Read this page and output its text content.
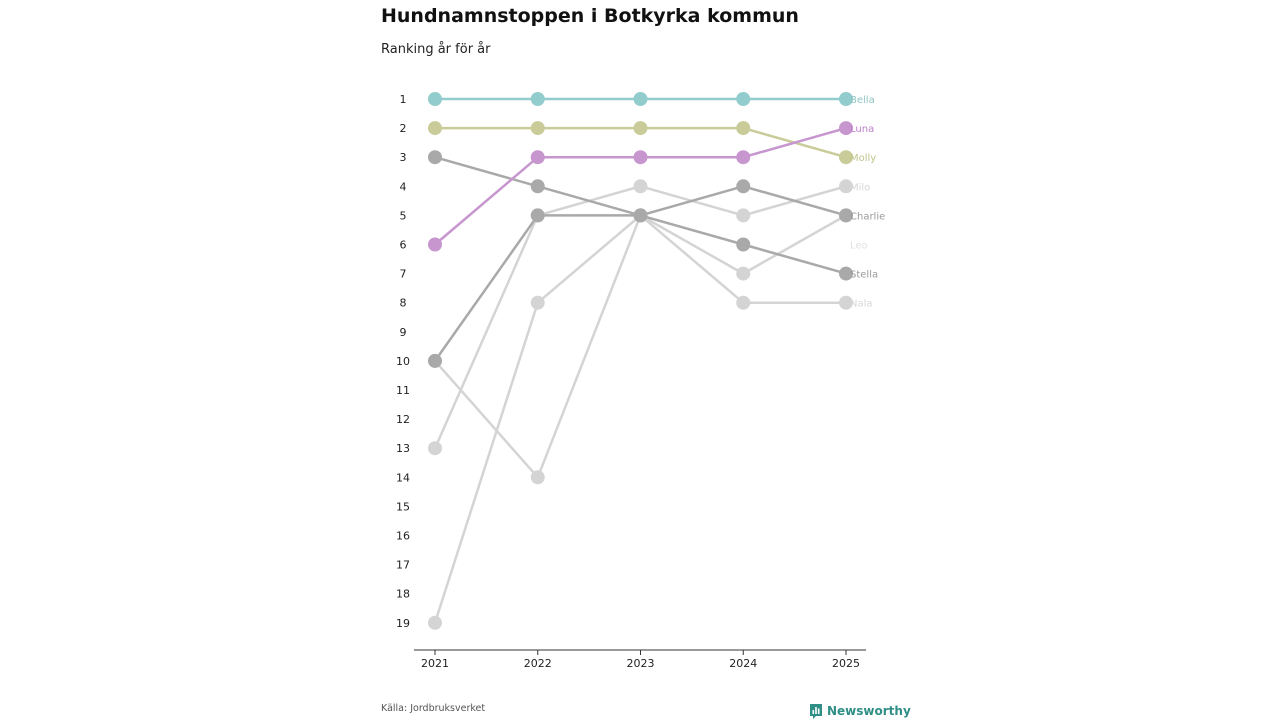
Hundnamnstoppen i Botkyrka kommun
Ranking år för år
2021	2022	2023	2024	2025
1
2
3
4
5
6
7
8
9
10
11
12
13
14
15
16
17
18
19
Bella
Luna
Molly
Milo
Charlie
Leo
Stella
Nala
Källa: Jordbruksverket	Newsworthy
